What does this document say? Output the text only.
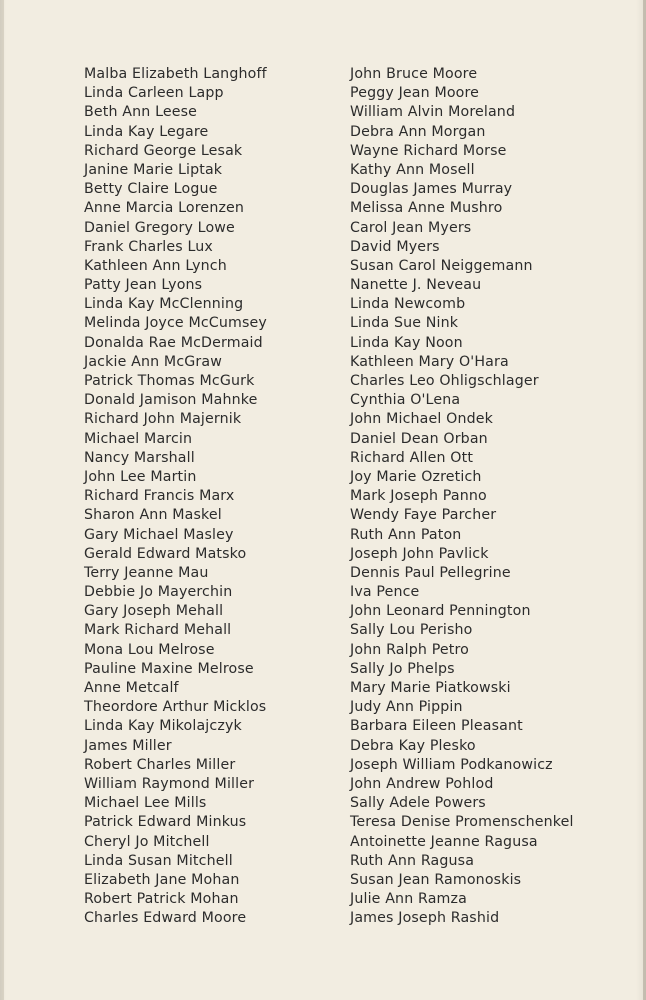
Malba Elizabeth Langhoff
Linda Carleen Lapp
Beth Ann Leese
Linda Kay Legare
Richard George Lesak
Janine Marie Liptak
Betty Claire Logue
Anne Marcia Lorenzen
Daniel Gregory Lowe
Frank Charles Lux
Kathleen Ann Lynch
Patty Jean Lyons
Linda Kay McClenning
Melinda Joyce McCumsey
Donalda Rae McDermaid
Jackie Ann McGraw
Patrick Thomas McGurk
Donald Jamison Mahnke
Richard John Majernik
Michael Marcin
Nancy Marshall
John Lee Martin
Richard Francis Marx
Sharon Ann Maskel
Gary Michael Masley
Gerald Edward Matsko
Terry Jeanne Mau
Debbie Jo Mayerchin
Gary Joseph Mehall
Mark Richard Mehall
Mona Lou Melrose
Pauline Maxine Melrose
Anne Metcalf
Theordore Arthur Micklos
Linda Kay Mikolajczyk
James Miller
Robert Charles Miller
William Raymond Miller
Michael Lee Mills
Patrick Edward Minkus
Cheryl Jo Mitchell
Linda Susan Mitchell
Elizabeth Jane Mohan
Robert Patrick Mohan
Charles Edward Moore
John Bruce Moore
Peggy Jean Moore
William Alvin Moreland
Debra Ann Morgan
Wayne Richard Morse
Kathy Ann Mosell
Douglas James Murray
Melissa Anne Mushro
Carol Jean Myers
David Myers
Susan Carol Neiggemann
Nanette J. Neveau
Linda Newcomb
Linda Sue Nink
Linda Kay Noon
Kathleen Mary O'Hara
Charles Leo Ohligschlager
Cynthia O'Lena
John Michael Ondek
Daniel Dean Orban
Richard Allen Ott
Joy Marie Ozretich
Mark Joseph Panno
Wendy Faye Parcher
Ruth Ann Paton
Joseph John Pavlick
Dennis Paul Pellegrine
Iva Pence
John Leonard Pennington
Sally Lou Perisho
John Ralph Petro
Sally Jo Phelps
Mary Marie Piatkowski
Judy Ann Pippin
Barbara Eileen Pleasant
Debra Kay Plesko
Joseph William Podkanowicz
John Andrew Pohlod
Sally Adele Powers
Teresa Denise Promenschenkel
Antoinette Jeanne Ragusa
Ruth Ann Ragusa
Susan Jean Ramonoskis
Julie Ann Ramza
James Joseph Rashid
